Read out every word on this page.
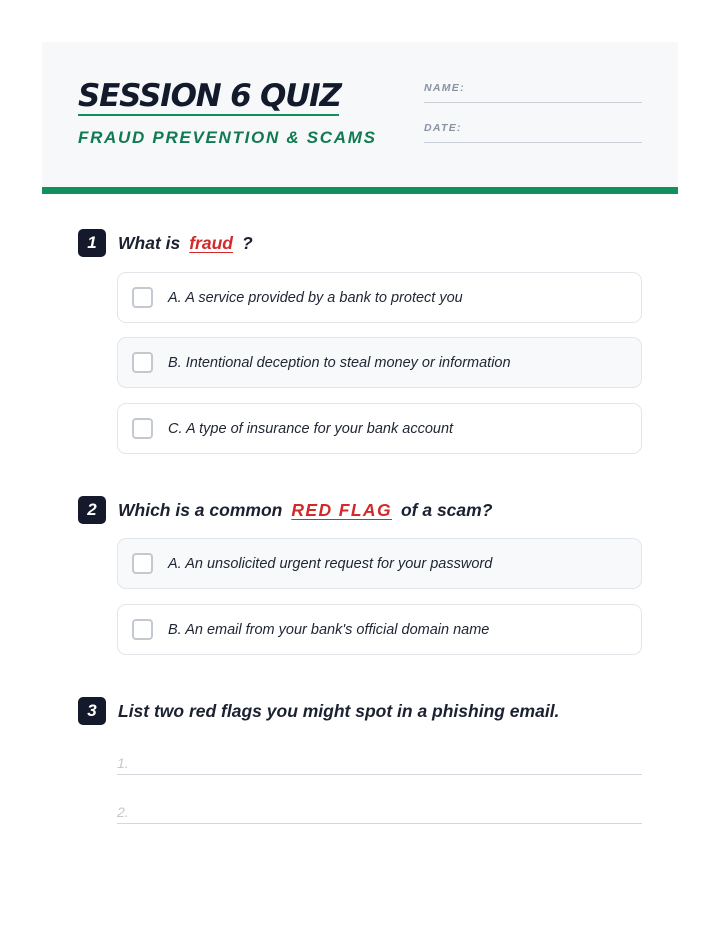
SESSION 6 QUIZ
FRAUD PREVENTION & SCAMS
NAME:
DATE:
1	What is fraud ?
A. A service provided by a bank to protect you
B. Intentional deception to steal money or information
C. A type of insurance for your bank account
2	Which is a common RED FLAG of a scam?
A. An unsolicited urgent request for your password
B. An email from your bank's official domain name
3	List two red flags you might spot in a phishing email.
1.
2.
